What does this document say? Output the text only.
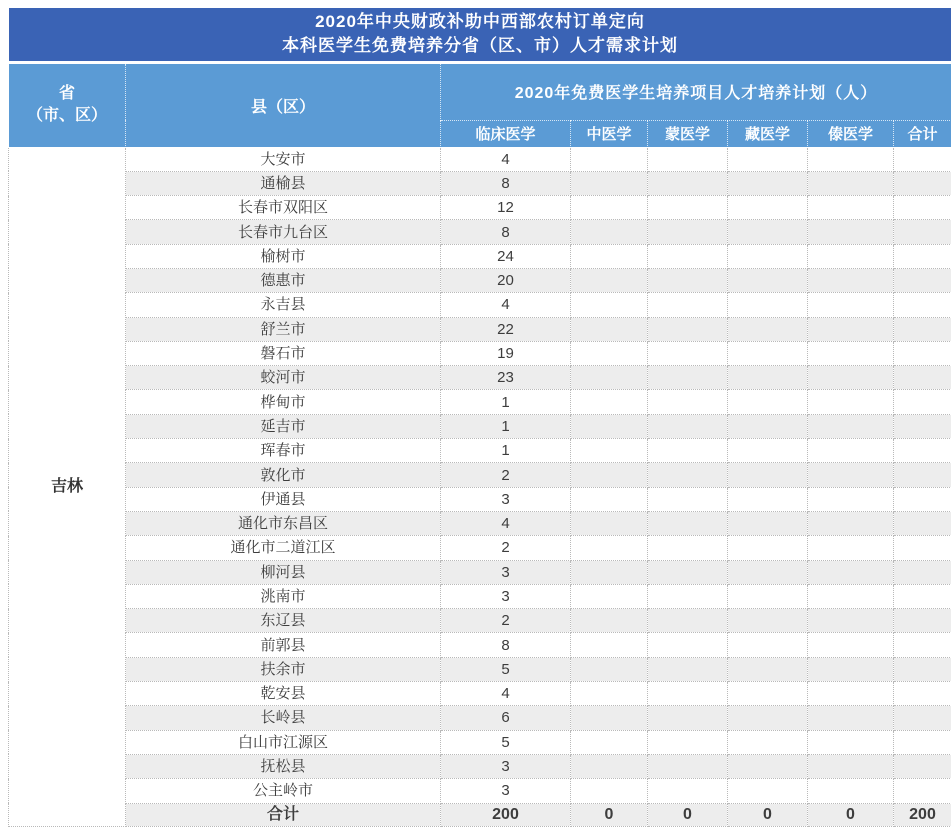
2020年中央财政补助中西部农村订单定向
本科医学生免费培养分省（区、市）人才需求计划							

省
（市、区）	县（区）	2020年免费医学生培养项目人才培养计划（人）					
		临床医学	中医学	蒙医学	藏医学	傣医学	合计
吉林	大安市	4					
	通榆县	8					
	长春市双阳区	12					
	长春市九台区	8					
	榆树市	24					
	德惠市	20					
	永吉县	4					
	舒兰市	22					
	磐石市	19					
	蛟河市	23					
	桦甸市	1					
	延吉市	1					
	珲春市	1					
	敦化市	2					
	伊通县	3					
	通化市东昌区	4					
	通化市二道江区	2					
	柳河县	3					
	洮南市	3					
	东辽县	2					
	前郭县	8					
	扶余市	5					
	乾安县	4					
	长岭县	6					
	白山市江源区	5					
	抚松县	3					
	公主岭市	3					
	合计	200	0	0	0	0	200
